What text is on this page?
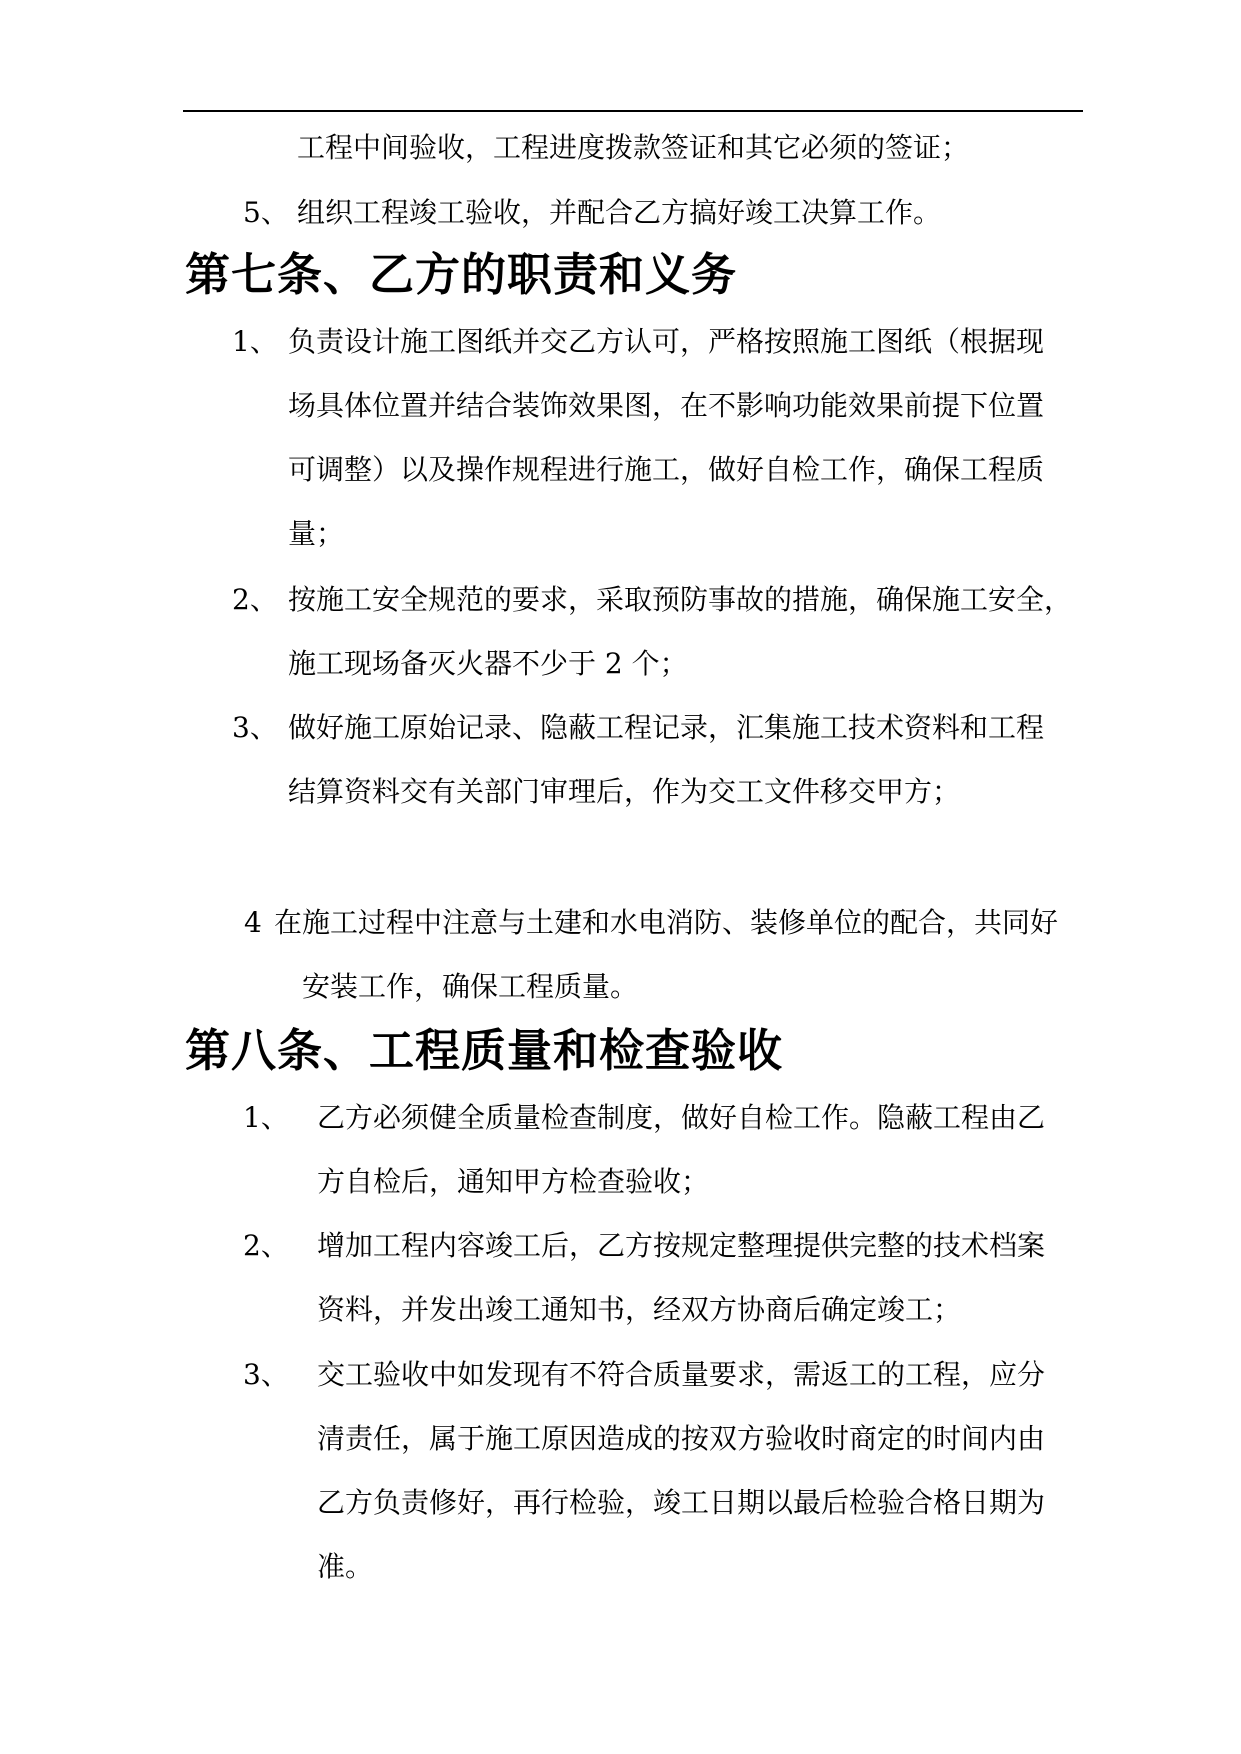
工程中间验收，工程进度拨款签证和其它必须的签证；
5、 组织工程竣工验收，并配合乙方搞好竣工决算工作。
第七条、乙方的职责和义务
1、 负责设计施工图纸并交乙方认可，严格按照施工图纸（根据现
场具体位置并结合装饰效果图，在不影响功能效果前提下位置
可调整）以及操作规程进行施工，做好自检工作，确保工程质
量；
2、 按施工安全规范的要求，采取预防事故的措施，确保施工安全，
施工现场备灭火器不少于 2 个；
3、 做好施工原始记录、隐蔽工程记录，汇集施工技术资料和工程
结算资料交有关部门审理后，作为交工文件移交甲方；
4 在施工过程中注意与土建和水电消防、装修单位的配合，共同好
安装工作，确保工程质量。
第八条、工程质量和检查验收
1、 乙方必须健全质量检查制度，做好自检工作。隐蔽工程由乙
方自检后，通知甲方检查验收；
2、 增加工程内容竣工后，乙方按规定整理提供完整的技术档案
资料，并发出竣工通知书，经双方协商后确定竣工；
3、 交工验收中如发现有不符合质量要求，需返工的工程，应分
清责任，属于施工原因造成的按双方验收时商定的时间内由
乙方负责修好，再行检验，竣工日期以最后检验合格日期为
准。
